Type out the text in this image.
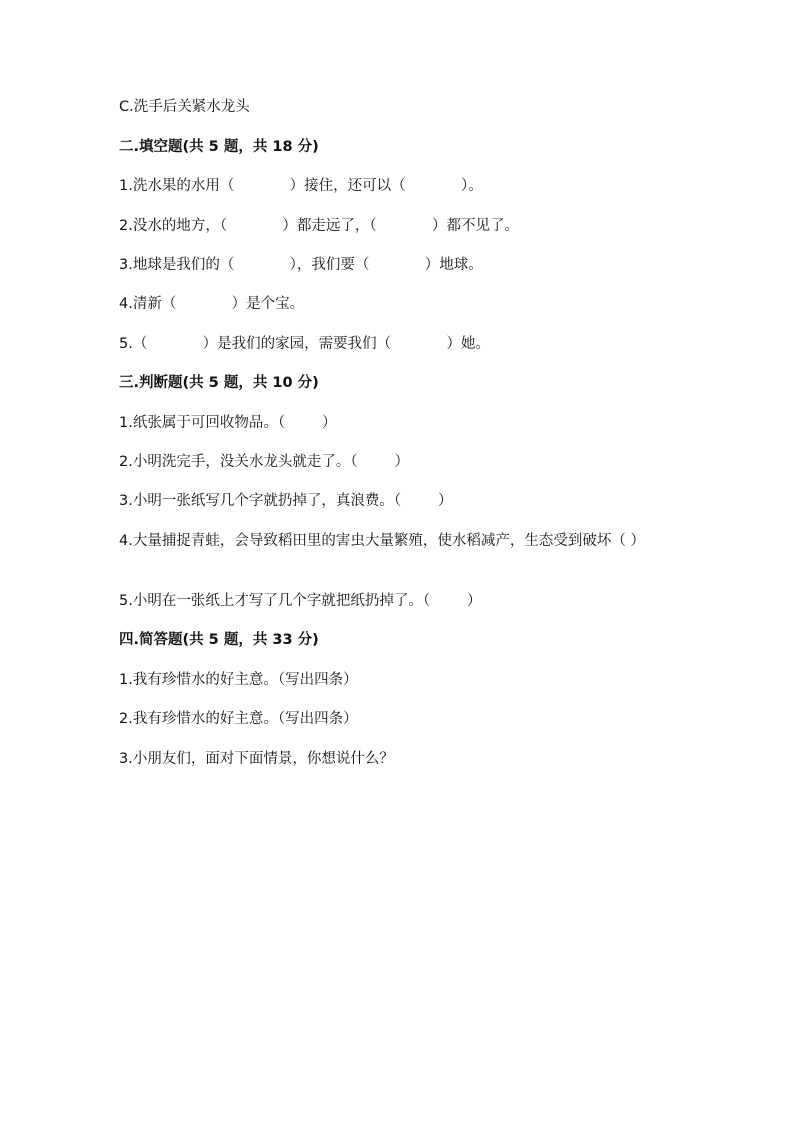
C.洗手后关紧水龙头

二.填空题(共 5 题，共 18 分)

1.洗水果的水用（            ）接住，还可以（            ）。

2.没水的地方，（            ）都走远了，（            ）都不见了。

3.地球是我们的（            ），我们要（            ）地球。

4.清新（            ）是个宝。

5.（            ）是我们的家园，需要我们（            ）她。

三.判断题(共 5 题，共 10 分)

1.纸张属于可回收物品。（        ）

2.小明洗完手，没关水龙头就走了。（        ）

3.小明一张纸写几个字就扔掉了，真浪费。（        ）

4.大量捕捉青蛙，会导致稻田里的害虫大量繁殖，使水稻减产，生态受到破坏（ ）

5.小明在一张纸上才写了几个字就把纸扔掉了。（        ）

四.简答题(共 5 题，共 33 分)

1.我有珍惜水的好主意。（写出四条）

2.我有珍惜水的好主意。（写出四条）

3.小朋友们，面对下面情景，你想说什么？
